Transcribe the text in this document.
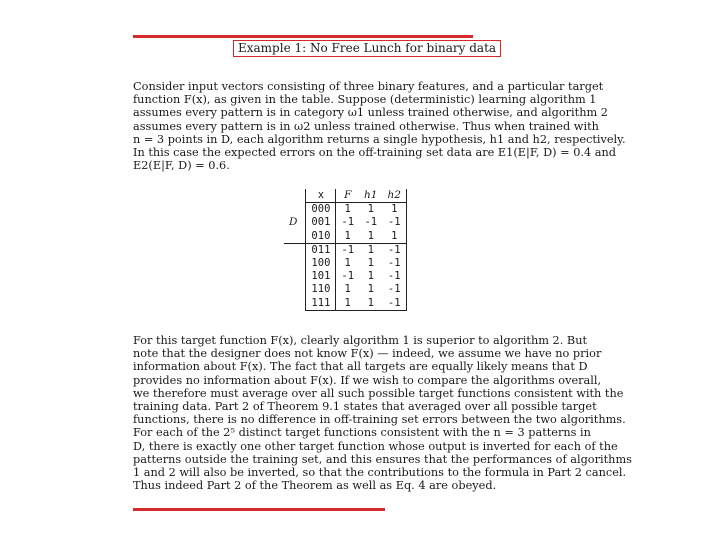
Example 1: No Free Lunch for binary data
Consider input vectors consisting of three binary features, and a particular target
function F(x), as given in the table. Suppose (deterministic) learning algorithm 1
assumes every pattern is in category ω1 unless trained otherwise, and algorithm 2
assumes every pattern is in ω2 unless trained otherwise. Thus when trained with
n = 3 points in D, each algorithm returns a single hypothesis, h1 and h2, respectively.
In this case the expected errors on the off-training set data are E1(E|F, D) = 0.4 and
E2(E|F, D) = 0.6.
	x	F	h1	h2
	000	1	1	1
D	001	-1	-1	-1
	010	1	1	1
	011	-1	1	-1
	100	1	1	-1
	101	-1	1	-1
	110	1	1	-1
	111	1	1	-1
For this target function F(x), clearly algorithm 1 is superior to algorithm 2. But
note that the designer does not know F(x) — indeed, we assume we have no prior
information about F(x). The fact that all targets are equally likely means that D
provides no information about F(x). If we wish to compare the algorithms overall,
we therefore must average over all such possible target functions consistent with the
training data. Part 2 of Theorem 9.1 states that averaged over all possible target
functions, there is no difference in off-training set errors between the two algorithms.
For each of the 2⁵ distinct target functions consistent with the n = 3 patterns in
D, there is exactly one other target function whose output is inverted for each of the
patterns outside the training set, and this ensures that the performances of algorithms
1 and 2 will also be inverted, so that the contributions to the formula in Part 2 cancel.
Thus indeed Part 2 of the Theorem as well as Eq. 4 are obeyed.
